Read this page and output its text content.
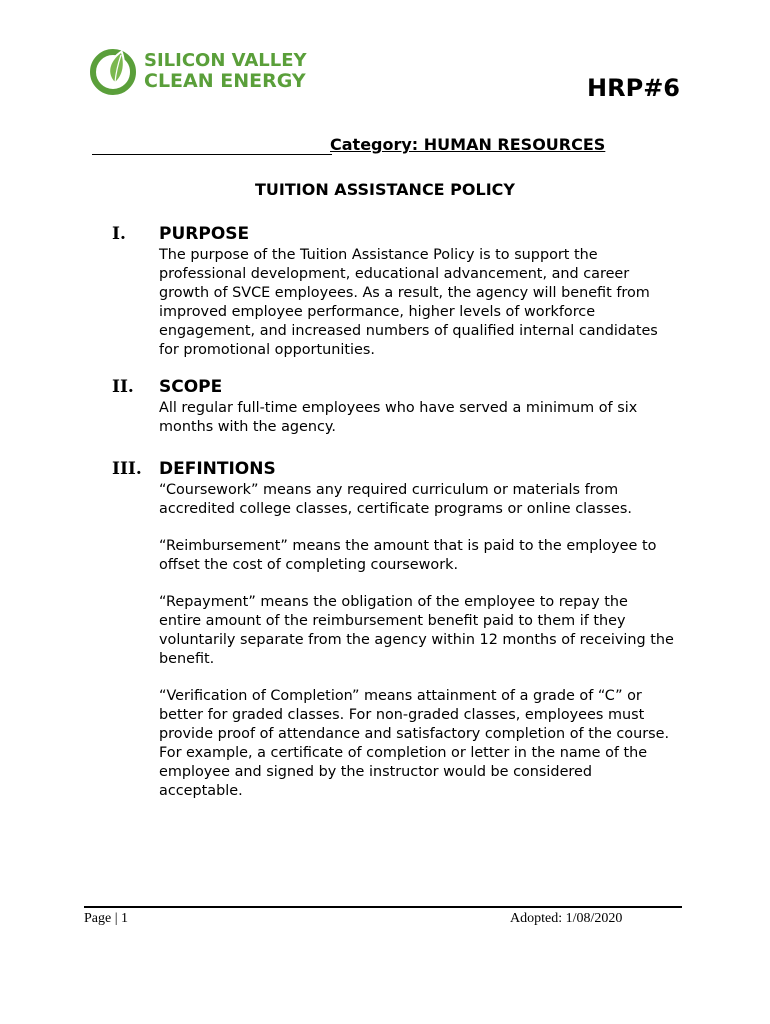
SILICON VALLEY
CLEAN ENERGY	HRP#6
Category: HUMAN RESOURCES
TUITION ASSISTANCE POLICY
I. PURPOSE

The purpose of the Tuition Assistance Policy is to support the professional development, educational advancement, and career growth of SVCE employees. As a result, the agency will benefit from improved employee performance, higher levels of workforce engagement, and increased numbers of qualified internal candidates for promotional opportunities.

II. SCOPE

All regular full-time employees who have served a minimum of six months with the agency.

III. DEFINTIONS

“Coursework” means any required curriculum or materials from accredited college classes, certificate programs or online classes.

“Reimbursement” means the amount that is paid to the employee to offset the cost of completing coursework.

“Repayment” means the obligation of the employee to repay the entire amount of the reimbursement benefit paid to them if they voluntarily separate from the agency within 12 months of receiving the benefit.

“Verification of Completion” means attainment of a grade of “C” or better for graded classes. For non-graded classes, employees must provide proof of attendance and satisfactory completion of the course. For example, a certificate of completion or letter in the name of the employee and signed by the instructor would be considered acceptable.

Page | 1	Adopted: 1/08/2020
